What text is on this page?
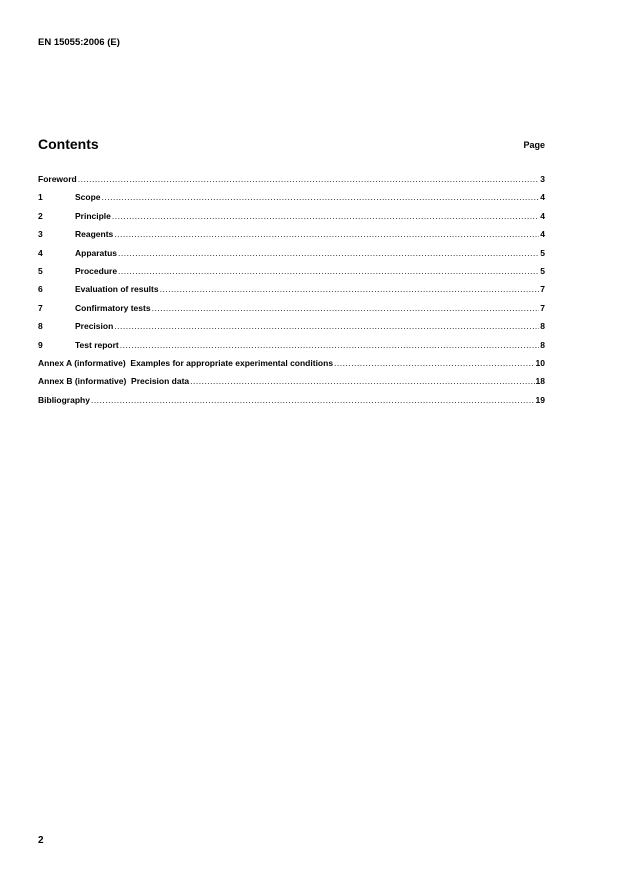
EN 15055:2006 (E)
Contents	Page
Foreword .....	3
1	Scope .....	4
2	Principle .....	4
3	Reagents .....	4
4	Apparatus .....	5
5	Procedure .....	5
6	Evaluation of results .....	7
7	Confirmatory tests .....	7
8	Precision .....	8
9	Test report .....	8
Annex A (informative)  Examples for appropriate experimental conditions .....	10
Annex B (informative)  Precision data .....	18
Bibliography .....	19
2
